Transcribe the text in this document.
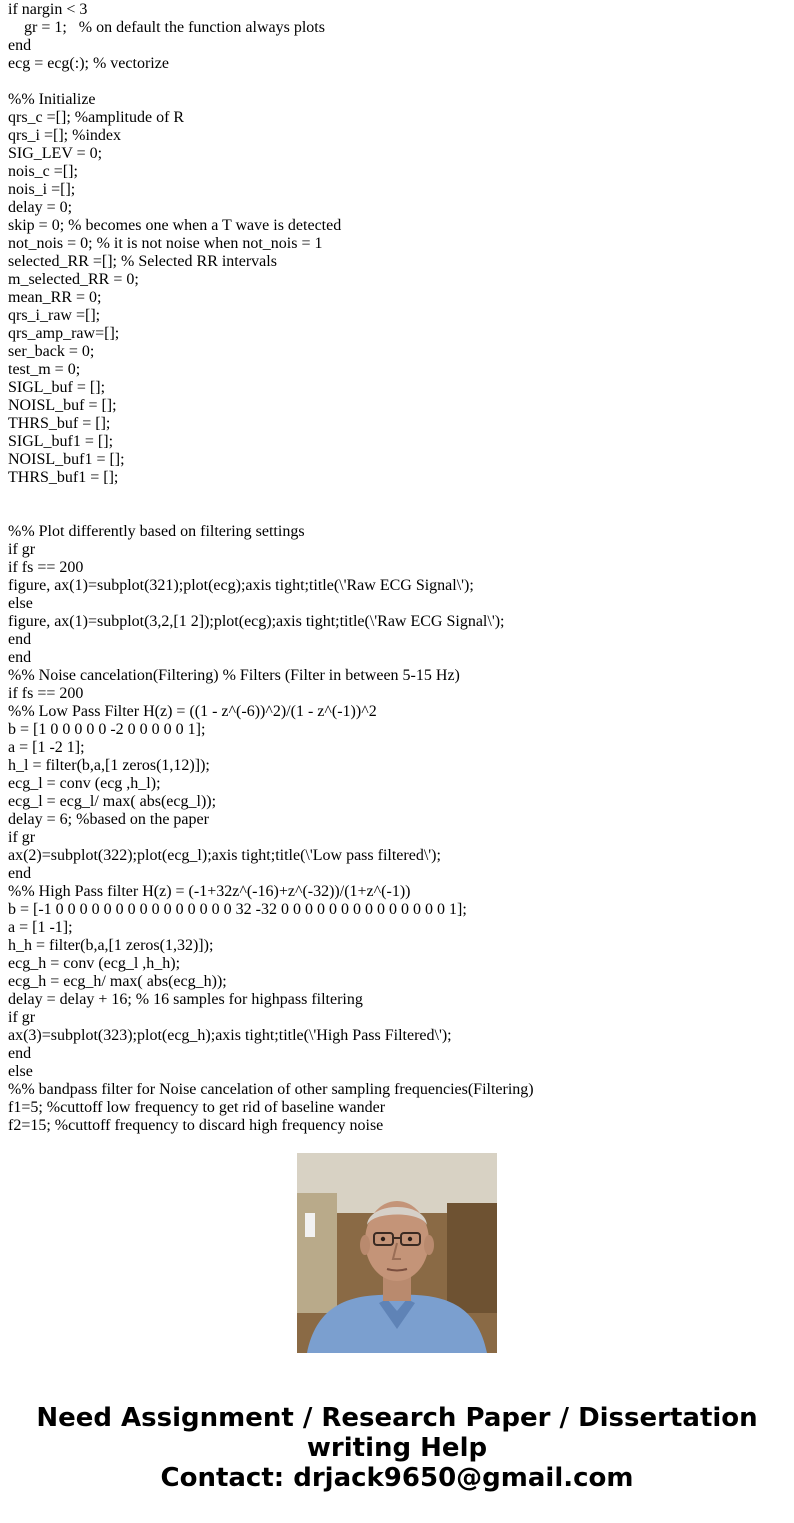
if nargin < 3
gr = 1;   % on default the function always plots
end
ecg = ecg(:); % vectorize
%% Initialize
qrs_c =[]; %amplitude of R
qrs_i =[]; %index
SIG_LEV = 0;
nois_c =[];
nois_i =[];
delay = 0;
skip = 0; % becomes one when a T wave is detected
not_nois = 0; % it is not noise when not_nois = 1
selected_RR =[]; % Selected RR intervals
m_selected_RR = 0;
mean_RR = 0;
qrs_i_raw =[];
qrs_amp_raw=[];
ser_back = 0;
test_m = 0;
SIGL_buf = [];
NOISL_buf = [];
THRS_buf = [];
SIGL_buf1 = [];
NOISL_buf1 = [];
THRS_buf1 = [];
%% Plot differently based on filtering settings
if gr
if fs == 200
figure, ax(1)=subplot(321);plot(ecg);axis tight;title(\'Raw ECG Signal\');
else
figure, ax(1)=subplot(3,2,[1 2]);plot(ecg);axis tight;title(\'Raw ECG Signal\');
end
end
%% Noise cancelation(Filtering) % Filters (Filter in between 5-15 Hz)
if fs == 200
%% Low Pass Filter H(z) = ((1 - z^(-6))^2)/(1 - z^(-1))^2
b = [1 0 0 0 0 0 -2 0 0 0 0 0 1];
a = [1 -2 1];
h_l = filter(b,a,[1 zeros(1,12)]);
ecg_l = conv (ecg ,h_l);
ecg_l = ecg_l/ max( abs(ecg_l));
delay = 6; %based on the paper
if gr
ax(2)=subplot(322);plot(ecg_l);axis tight;title(\'Low pass filtered\');
end
%% High Pass filter H(z) = (-1+32z^(-16)+z^(-32))/(1+z^(-1))
b = [-1 0 0 0 0 0 0 0 0 0 0 0 0 0 0 0 32 -32 0 0 0 0 0 0 0 0 0 0 0 0 0 0 1];
a = [1 -1];
h_h = filter(b,a,[1 zeros(1,32)]);
ecg_h = conv (ecg_l ,h_h);
ecg_h = ecg_h/ max( abs(ecg_h));
delay = delay + 16; % 16 samples for highpass filtering
if gr
ax(3)=subplot(323);plot(ecg_h);axis tight;title(\'High Pass Filtered\');
end
else
%% bandpass filter for Noise cancelation of other sampling frequencies(Filtering)
f1=5; %cuttoff low frequency to get rid of baseline wander
f2=15; %cuttoff frequency to discard high frequency noise
Need Assignment / Research Paper / Dissertation
writing Help
Contact: drjack9650@gmail.com
